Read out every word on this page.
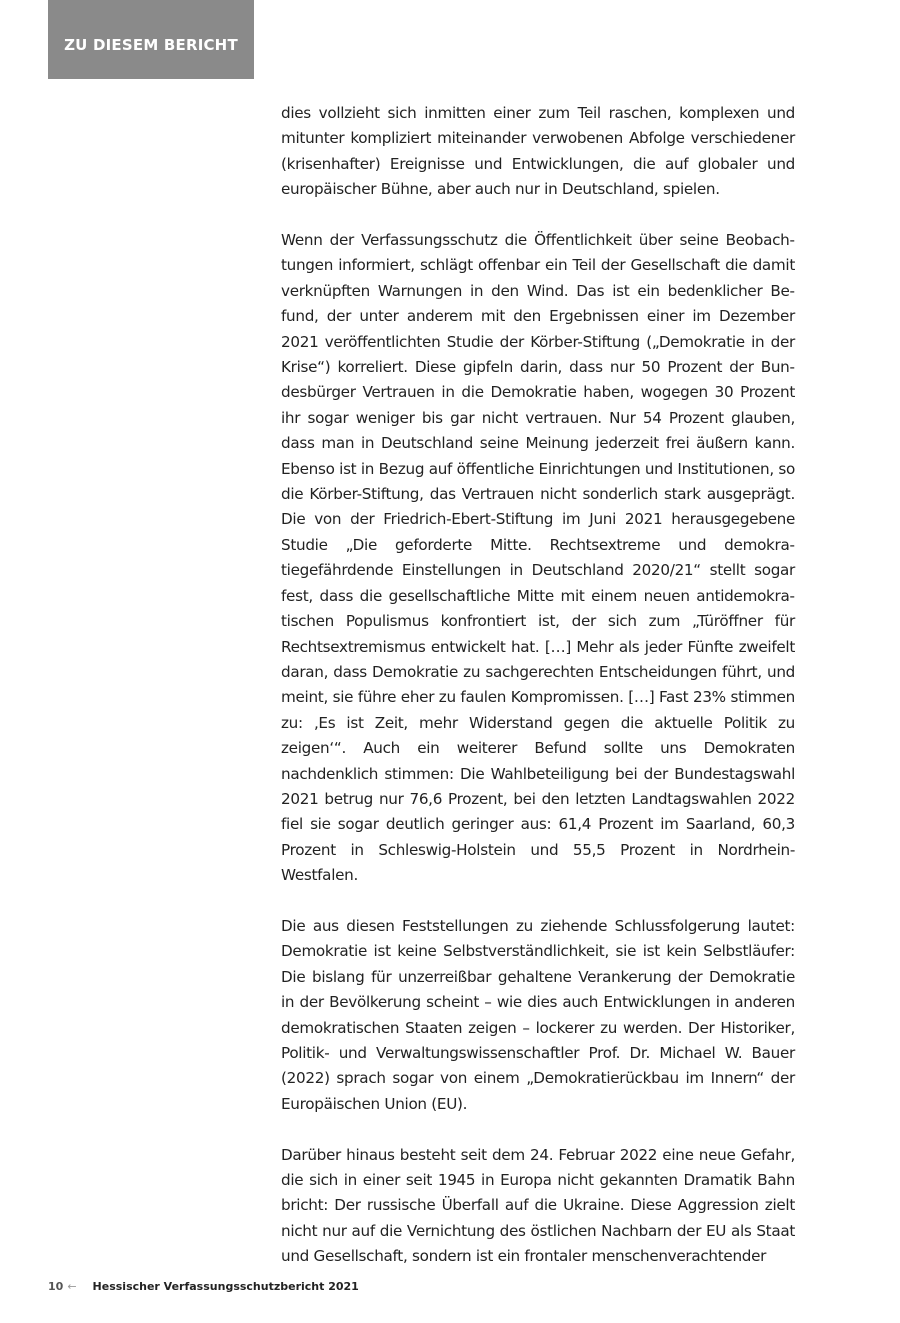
ZU DIESEM BERICHT

dies vollzieht sich inmitten einer zum Teil raschen, komplexen und mitunter kompliziert miteinander verwobenen Abfolge verschiedener (krisenhafter) Ereignisse und Entwicklungen, die auf globaler und europäischer Bühne, aber auch nur in Deutschland, spielen.

Wenn der Verfassungsschutz die Öffentlichkeit über seine Beobachtungen informiert, schlägt offenbar ein Teil der Gesellschaft die damit verknüpften Warnungen in den Wind. Das ist ein bedenklicher Befund, der unter anderem mit den Ergebnissen einer im Dezember 2021 veröffentlichten Studie der Körber-Stiftung („Demokratie in der Krise“) korreliert. Diese gipfeln darin, dass nur 50 Prozent der Bundesbürger Vertrauen in die Demokratie haben, wogegen 30 Prozent ihr sogar weniger bis gar nicht vertrauen. Nur 54 Prozent glauben, dass man in Deutschland seine Meinung jederzeit frei äußern kann. Ebenso ist in Bezug auf öffentliche Einrichtungen und Institutionen, so die Körber-Stiftung, das Vertrauen nicht sonderlich stark ausgeprägt. Die von der Friedrich-Ebert-Stiftung im Juni 2021 herausgegebene Studie „Die geforderte Mitte. Rechtsextreme und demokratiegefährdende Einstellungen in Deutschland 2020/21“ stellt sogar fest, dass die gesellschaftliche Mitte mit einem neuen antidemokratischen Populismus konfrontiert ist, der sich zum „Türöffner für Rechtsextremismus entwickelt hat. […] Mehr als jeder Fünfte zweifelt daran, dass Demokratie zu sachgerechten Entscheidungen führt, und meint, sie führe eher zu faulen Kompromissen. […] Fast 23% stimmen zu: ‚Es ist Zeit, mehr Widerstand gegen die aktuelle Politik zu zeigen‘“. Auch ein weiterer Befund sollte uns Demokraten nachdenklich stimmen: Die Wahlbeteiligung bei der Bundestagswahl 2021 betrug nur 76,6 Prozent, bei den letzten Landtagswahlen 2022 fiel sie sogar deutlich geringer aus: 61,4 Prozent im Saarland, 60,3 Prozent in Schleswig-Holstein und 55,5 Prozent in Nordrhein-Westfalen.

Die aus diesen Feststellungen zu ziehende Schlussfolgerung lautet: Demokratie ist keine Selbstverständlichkeit, sie ist kein Selbstläufer: Die bislang für unzerreißbar gehaltene Verankerung der Demokratie in der Bevölkerung scheint – wie dies auch Entwicklungen in anderen demokratischen Staaten zeigen – lockerer zu werden. Der Historiker, Politik- und Verwaltungswissenschaftler Prof. Dr. Michael W. Bauer (2022) sprach sogar von einem „Demokratierückbau im Innern“ der Europäischen Union (EU).

Darüber hinaus besteht seit dem 24. Februar 2022 eine neue Gefahr, die sich in einer seit 1945 in Europa nicht gekannten Dramatik Bahn bricht: Der russische Überfall auf die Ukraine. Diese Aggression zielt nicht nur auf die Vernichtung des östlichen Nachbarn der EU als Staat und Gesellschaft, sondern ist ein frontaler menschenverachtender

10 ← Hessischer Verfassungsschutzbericht 2021
